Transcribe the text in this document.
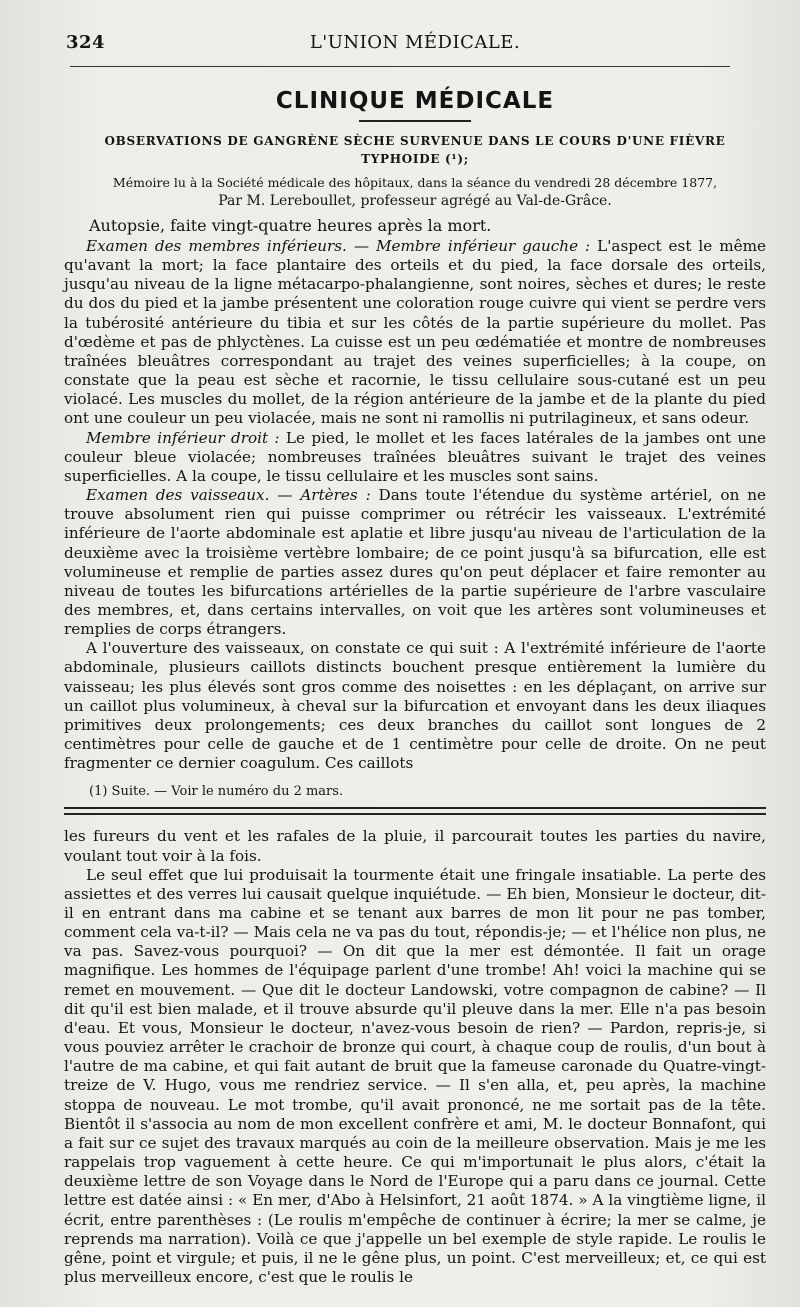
324	L'UNION MÉDICALE.
CLINIQUE MÉDICALE
OBSERVATIONS DE GANGRÈNE SÈCHE SURVENUE DANS LE COURS D'UNE FIÈVRE
TYPHOIDE (¹);
Mémoire lu à la Société médicale des hôpitaux, dans la séance du vendredi 28 décembre 1877,
Par M. Lereboullet, professeur agrégé au Val-de-Grâce.
Autopsie, faite vingt-quatre heures après la mort.

Examen des membres inférieurs. — Membre inférieur gauche : L'aspect est le même qu'avant la mort; la face plantaire des orteils et du pied, la face dorsale des orteils, jusqu'au niveau de la ligne métacarpo-phalangienne, sont noires, sèches et dures; le reste du dos du pied et la jambe présentent une coloration rouge cuivre qui vient se perdre vers la tubérosité antérieure du tibia et sur les côtés de la partie supérieure du mollet. Pas d'œdème et pas de phlyctènes. La cuisse est un peu œdématiée et montre de nombreuses traînées bleuâtres correspondant au trajet des veines superficielles; à la coupe, on constate que la peau est sèche et racornie, le tissu cellulaire sous-cutané est un peu violacé. Les muscles du mollet, de la région antérieure de la jambe et de la plante du pied ont une couleur un peu violacée, mais ne sont ni ramollis ni putrilagineux, et sans odeur.

Membre inférieur droit : Le pied, le mollet et les faces latérales de la jambes ont une couleur bleue violacée; nombreuses traînées bleuâtres suivant le trajet des veines superficielles. A la coupe, le tissu cellulaire et les muscles sont sains.

Examen des vaisseaux. — Artères : Dans toute l'étendue du système artériel, on ne trouve absolument rien qui puisse comprimer ou rétrécir les vaisseaux. L'extrémité inférieure de l'aorte abdominale est aplatie et libre jusqu'au niveau de l'articulation de la deuxième avec la troisième vertèbre lombaire; de ce point jusqu'à sa bifurcation, elle est volumineuse et remplie de parties assez dures qu'on peut déplacer et faire remonter au niveau de toutes les bifurcations artérielles de la partie supérieure de l'arbre vasculaire des membres, et, dans certains intervalles, on voit que les artères sont volumineuses et remplies de corps étrangers.

A l'ouverture des vaisseaux, on constate ce qui suit : A l'extrémité inférieure de l'aorte abdominale, plusieurs caillots distincts bouchent presque entièrement la lumière du vaisseau; les plus élevés sont gros comme des noisettes : en les déplaçant, on arrive sur un caillot plus volumineux, à cheval sur la bifurcation et envoyant dans les deux iliaques primitives deux prolongements; ces deux branches du caillot sont longues de 2 centimètres pour celle de gauche et de 1 centimètre pour celle de droite. On ne peut fragmenter ce dernier coagulum. Ces caillots

(1) Suite. — Voir le numéro du 2 mars.

les fureurs du vent et les rafales de la pluie, il parcourait toutes les parties du navire, voulant tout voir à la fois.

Le seul effet que lui produisait la tourmente était une fringale insatiable. La perte des assiettes et des verres lui causait quelque inquiétude. — Eh bien, Monsieur le docteur, dit-il en entrant dans ma cabine et se tenant aux barres de mon lit pour ne pas tomber, comment cela va-t-il? — Mais cela ne va pas du tout, répondis-je; — et l'hélice non plus, ne va pas. Savez-vous pourquoi? — On dit que la mer est démontée. Il fait un orage magnifique. Les hommes de l'équipage parlent d'une trombe! Ah! voici la machine qui se remet en mouvement. — Que dit le docteur Landowski, votre compagnon de cabine? — Il dit qu'il est bien malade, et il trouve absurde qu'il pleuve dans la mer. Elle n'a pas besoin d'eau. Et vous, Monsieur le docteur, n'avez-vous besoin de rien? — Pardon, repris-je, si vous pouviez arrêter le crachoir de bronze qui court, à chaque coup de roulis, d'un bout à l'autre de ma cabine, et qui fait autant de bruit que la fameuse caronade du Quatre-vingt-treize de V. Hugo, vous me rendriez service. — Il s'en alla, et, peu après, la machine stoppa de nouveau. Le mot trombe, qu'il avait prononcé, ne me sortait pas de la tête. Bientôt il s'associa au nom de mon excellent confrère et ami, M. le docteur Bonnafont, qui a fait sur ce sujet des travaux marqués au coin de la meilleure observation. Mais je me les rappelais trop vaguement à cette heure. Ce qui m'importunait le plus alors, c'était la deuxième lettre de son Voyage dans le Nord de l'Europe qui a paru dans ce journal. Cette lettre est datée ainsi : « En mer, d'Abo à Helsinfort, 21 août 1874. » A la vingtième ligne, il écrit, entre parenthèses : (Le roulis m'empêche de continuer à écrire; la mer se calme, je reprends ma narration). Voilà ce que j'appelle un bel exemple de style rapide. Le roulis le gêne, point et virgule; et puis, il ne le gêne plus, un point. C'est merveilleux; et, ce qui est plus merveilleux encore, c'est que le roulis le
